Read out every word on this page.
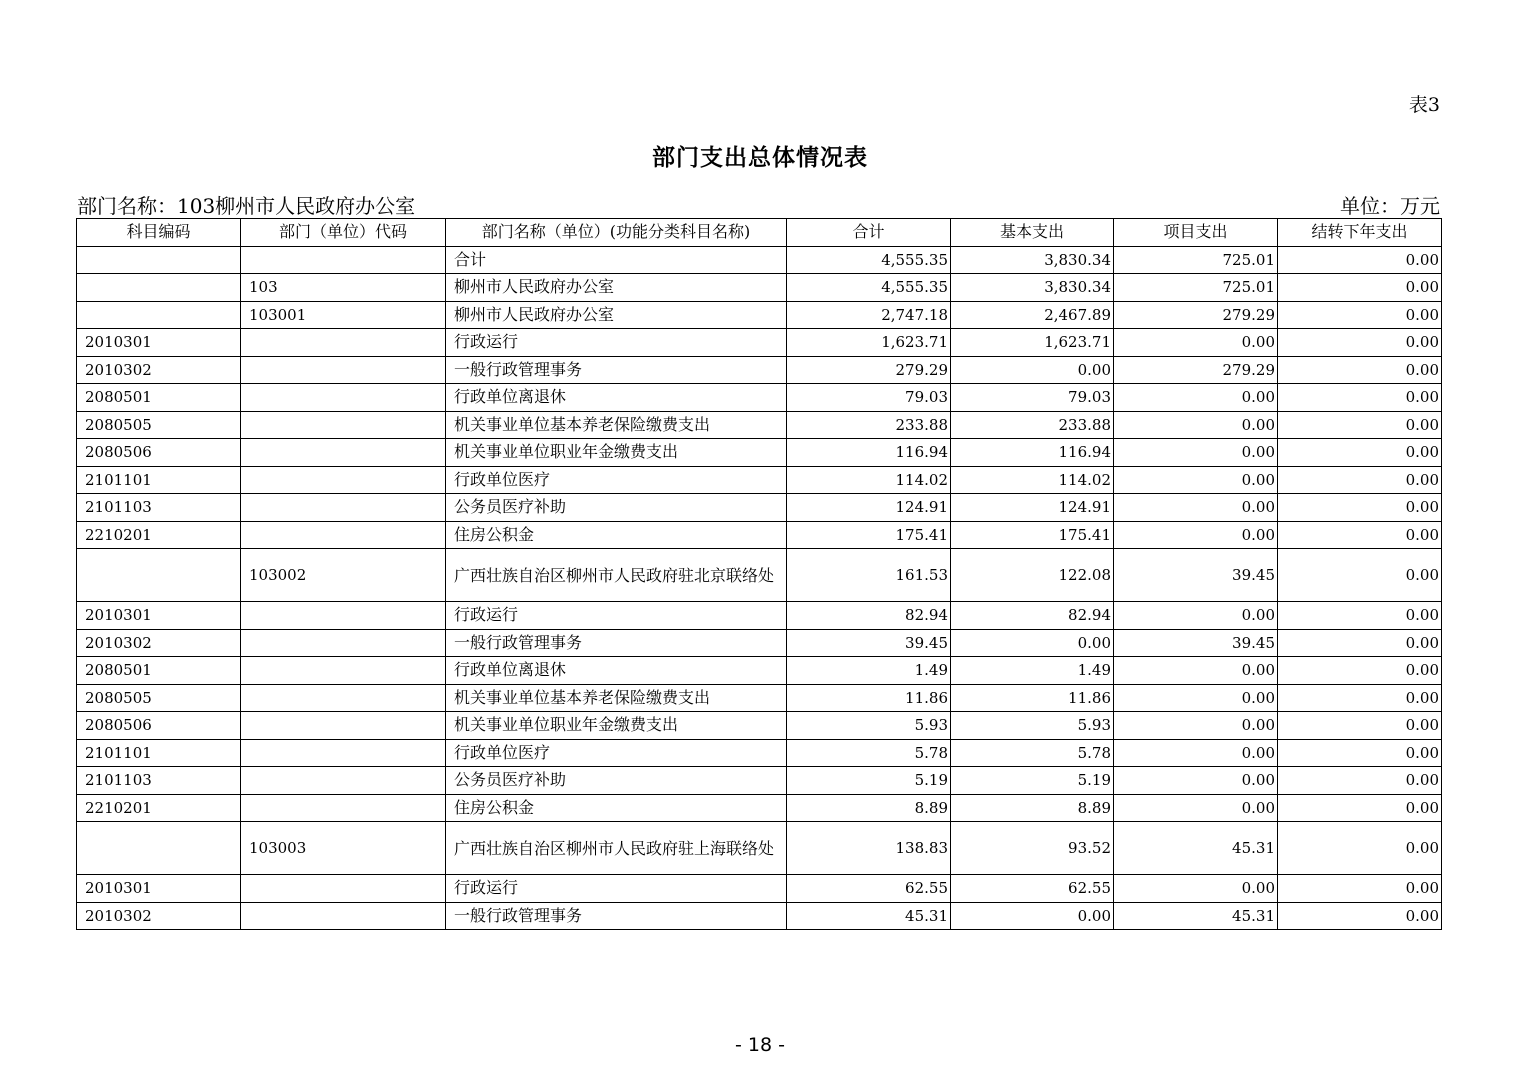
表3
部门支出总体情况表
部门名称：103柳州市人民政府办公室	单位：万元
科目编码	部门（单位）代码	部门名称（单位）(功能分类科目名称)	合计	基本支出	项目支出	结转下年支出
		合计	4,555.35	3,830.34	725.01	0.00
	103	柳州市人民政府办公室	4,555.35	3,830.34	725.01	0.00
	103001	柳州市人民政府办公室	2,747.18	2,467.89	279.29	0.00
2010301		行政运行	1,623.71	1,623.71	0.00	0.00
2010302		一般行政管理事务	279.29	0.00	279.29	0.00
2080501		行政单位离退休	79.03	79.03	0.00	0.00
2080505		机关事业单位基本养老保险缴费支出	233.88	233.88	0.00	0.00
2080506		机关事业单位职业年金缴费支出	116.94	116.94	0.00	0.00
2101101		行政单位医疗	114.02	114.02	0.00	0.00
2101103		公务员医疗补助	124.91	124.91	0.00	0.00
2210201		住房公积金	175.41	175.41	0.00	0.00
	103002	广西壮族自治区柳州市人民政府驻北京联络处	161.53	122.08	39.45	0.00
2010301		行政运行	82.94	82.94	0.00	0.00
2010302		一般行政管理事务	39.45	0.00	39.45	0.00
2080501		行政单位离退休	1.49	1.49	0.00	0.00
2080505		机关事业单位基本养老保险缴费支出	11.86	11.86	0.00	0.00
2080506		机关事业单位职业年金缴费支出	5.93	5.93	0.00	0.00
2101101		行政单位医疗	5.78	5.78	0.00	0.00
2101103		公务员医疗补助	5.19	5.19	0.00	0.00
2210201		住房公积金	8.89	8.89	0.00	0.00
	103003	广西壮族自治区柳州市人民政府驻上海联络处	138.83	93.52	45.31	0.00
2010301		行政运行	62.55	62.55	0.00	0.00
2010302		一般行政管理事务	45.31	0.00	45.31	0.00
- 18 -
